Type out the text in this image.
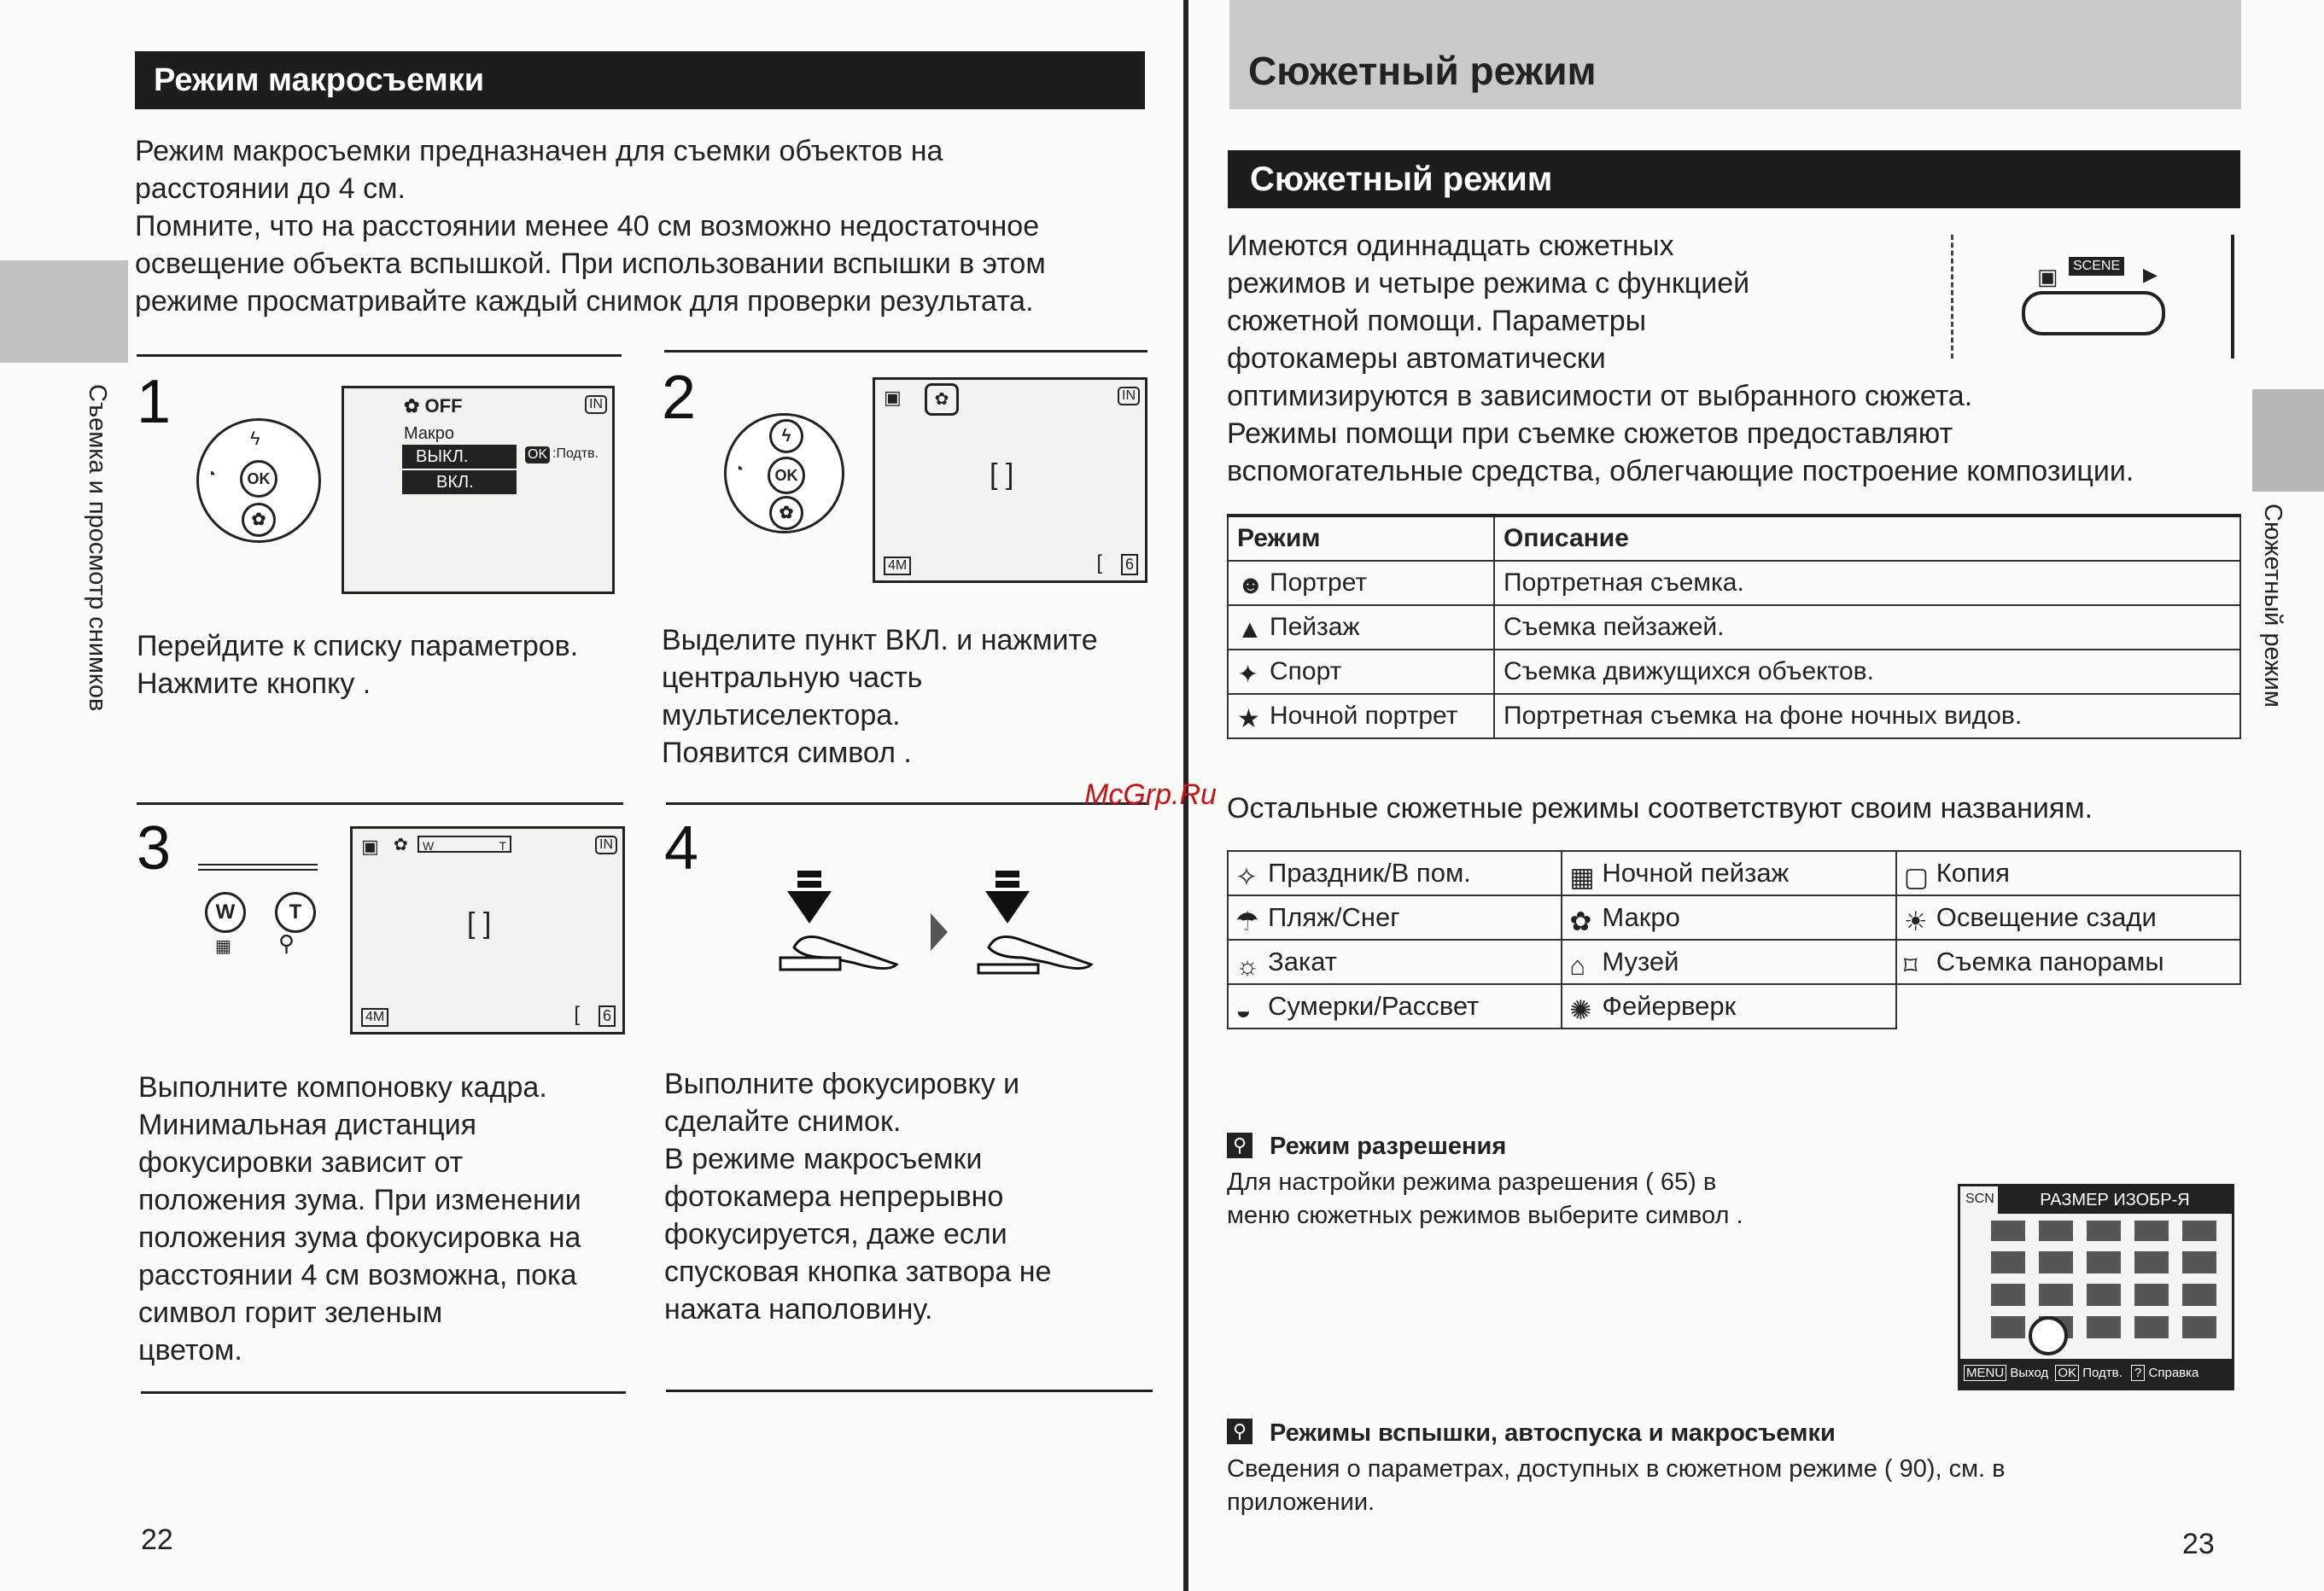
Режим макросъемки
Режим макросъемки предназначен для съемки объектов на
расстоянии до 4 см.
Помните, что на расстоянии менее 40 см возможно недостаточное
освещение объекта вспышкой. При использовании вспышки в этом
режиме просматривайте каждый снимок для проверки результата.
Съемка и просмотр снимков 1
OK
ϟ
◔
✿
✿ OFF	IN
Макро
ВЫКЛ.
ВКЛ.
OK :Подтв.
Перейдите к списку параметров.
Нажмите кнопку .
2
ϟ
OK
◔
✿
▣	✿	IN
[ ]
4M	[ 6
Выделите пункт ВКЛ. и нажмите
центральную часть
мультиселектора.
Появится символ .
3
W	T
▦ ⚲
▣ ✿	W	T	IN
[ ]
4M	[ 6
Выполните компоновку кадра.
Минимальная дистанция
фокусировки зависит от
положения зума. При изменении
положения зума фокусировка на
расстоянии 4 см возможна, пока
символ горит зеленым
цветом.
4
Выполните фокусировку и
сделайте снимок.
В режиме макросъемки
фотокамера непрерывно
фокусируется, даже если
спусковая кнопка затвора не
нажата наполовину.
22
Сюжетный режим
Сюжетный режим
Имеются одиннадцать сюжетных
режимов и четыре режима с функцией
сюжетной помощи. Параметры
фотокамеры автоматически
оптимизируются в зависимости от выбранного сюжета.
Режимы помощи при съемке сюжетов предоставляют
вспомогательные средства, облегчающие построение композиции.
▣	SCENE ▶
Сюжетный режим
Режим	Описание
☻ Портрет	Портретная съемка.
▲ Пейзаж	Съемка пейзажей.
✦ Спорт	Съемка движущихся объектов.
★ Ночной портрет	Портретная съемка на фоне ночных видов.
McGrp.Ru Остальные сюжетные режимы соответствуют своим названиям.
✧ Праздник/В пом.	▦ Ночной пейзаж	▢ Копия
☂ Пляж/Снег	✿ Макро	☀ Освещение сзади
☼ Закат	⌂ Музей	⌑ Съемка панорамы
◒ Сумерки/Рассвет	✺ Фейерверк	
⚲ Режим разрешения
Для настройки режима разрешения ( 65) в
меню сюжетных режимов выберите символ .
SCN	РАЗМЕР ИЗОБР-Я
MENU Выход OK Подтв. ? Справка
⚲ Режимы вспышки, автоспуска и макросъемки
Сведения о параметрах, доступных в сюжетном режиме ( 90), см. в
приложении.
23
